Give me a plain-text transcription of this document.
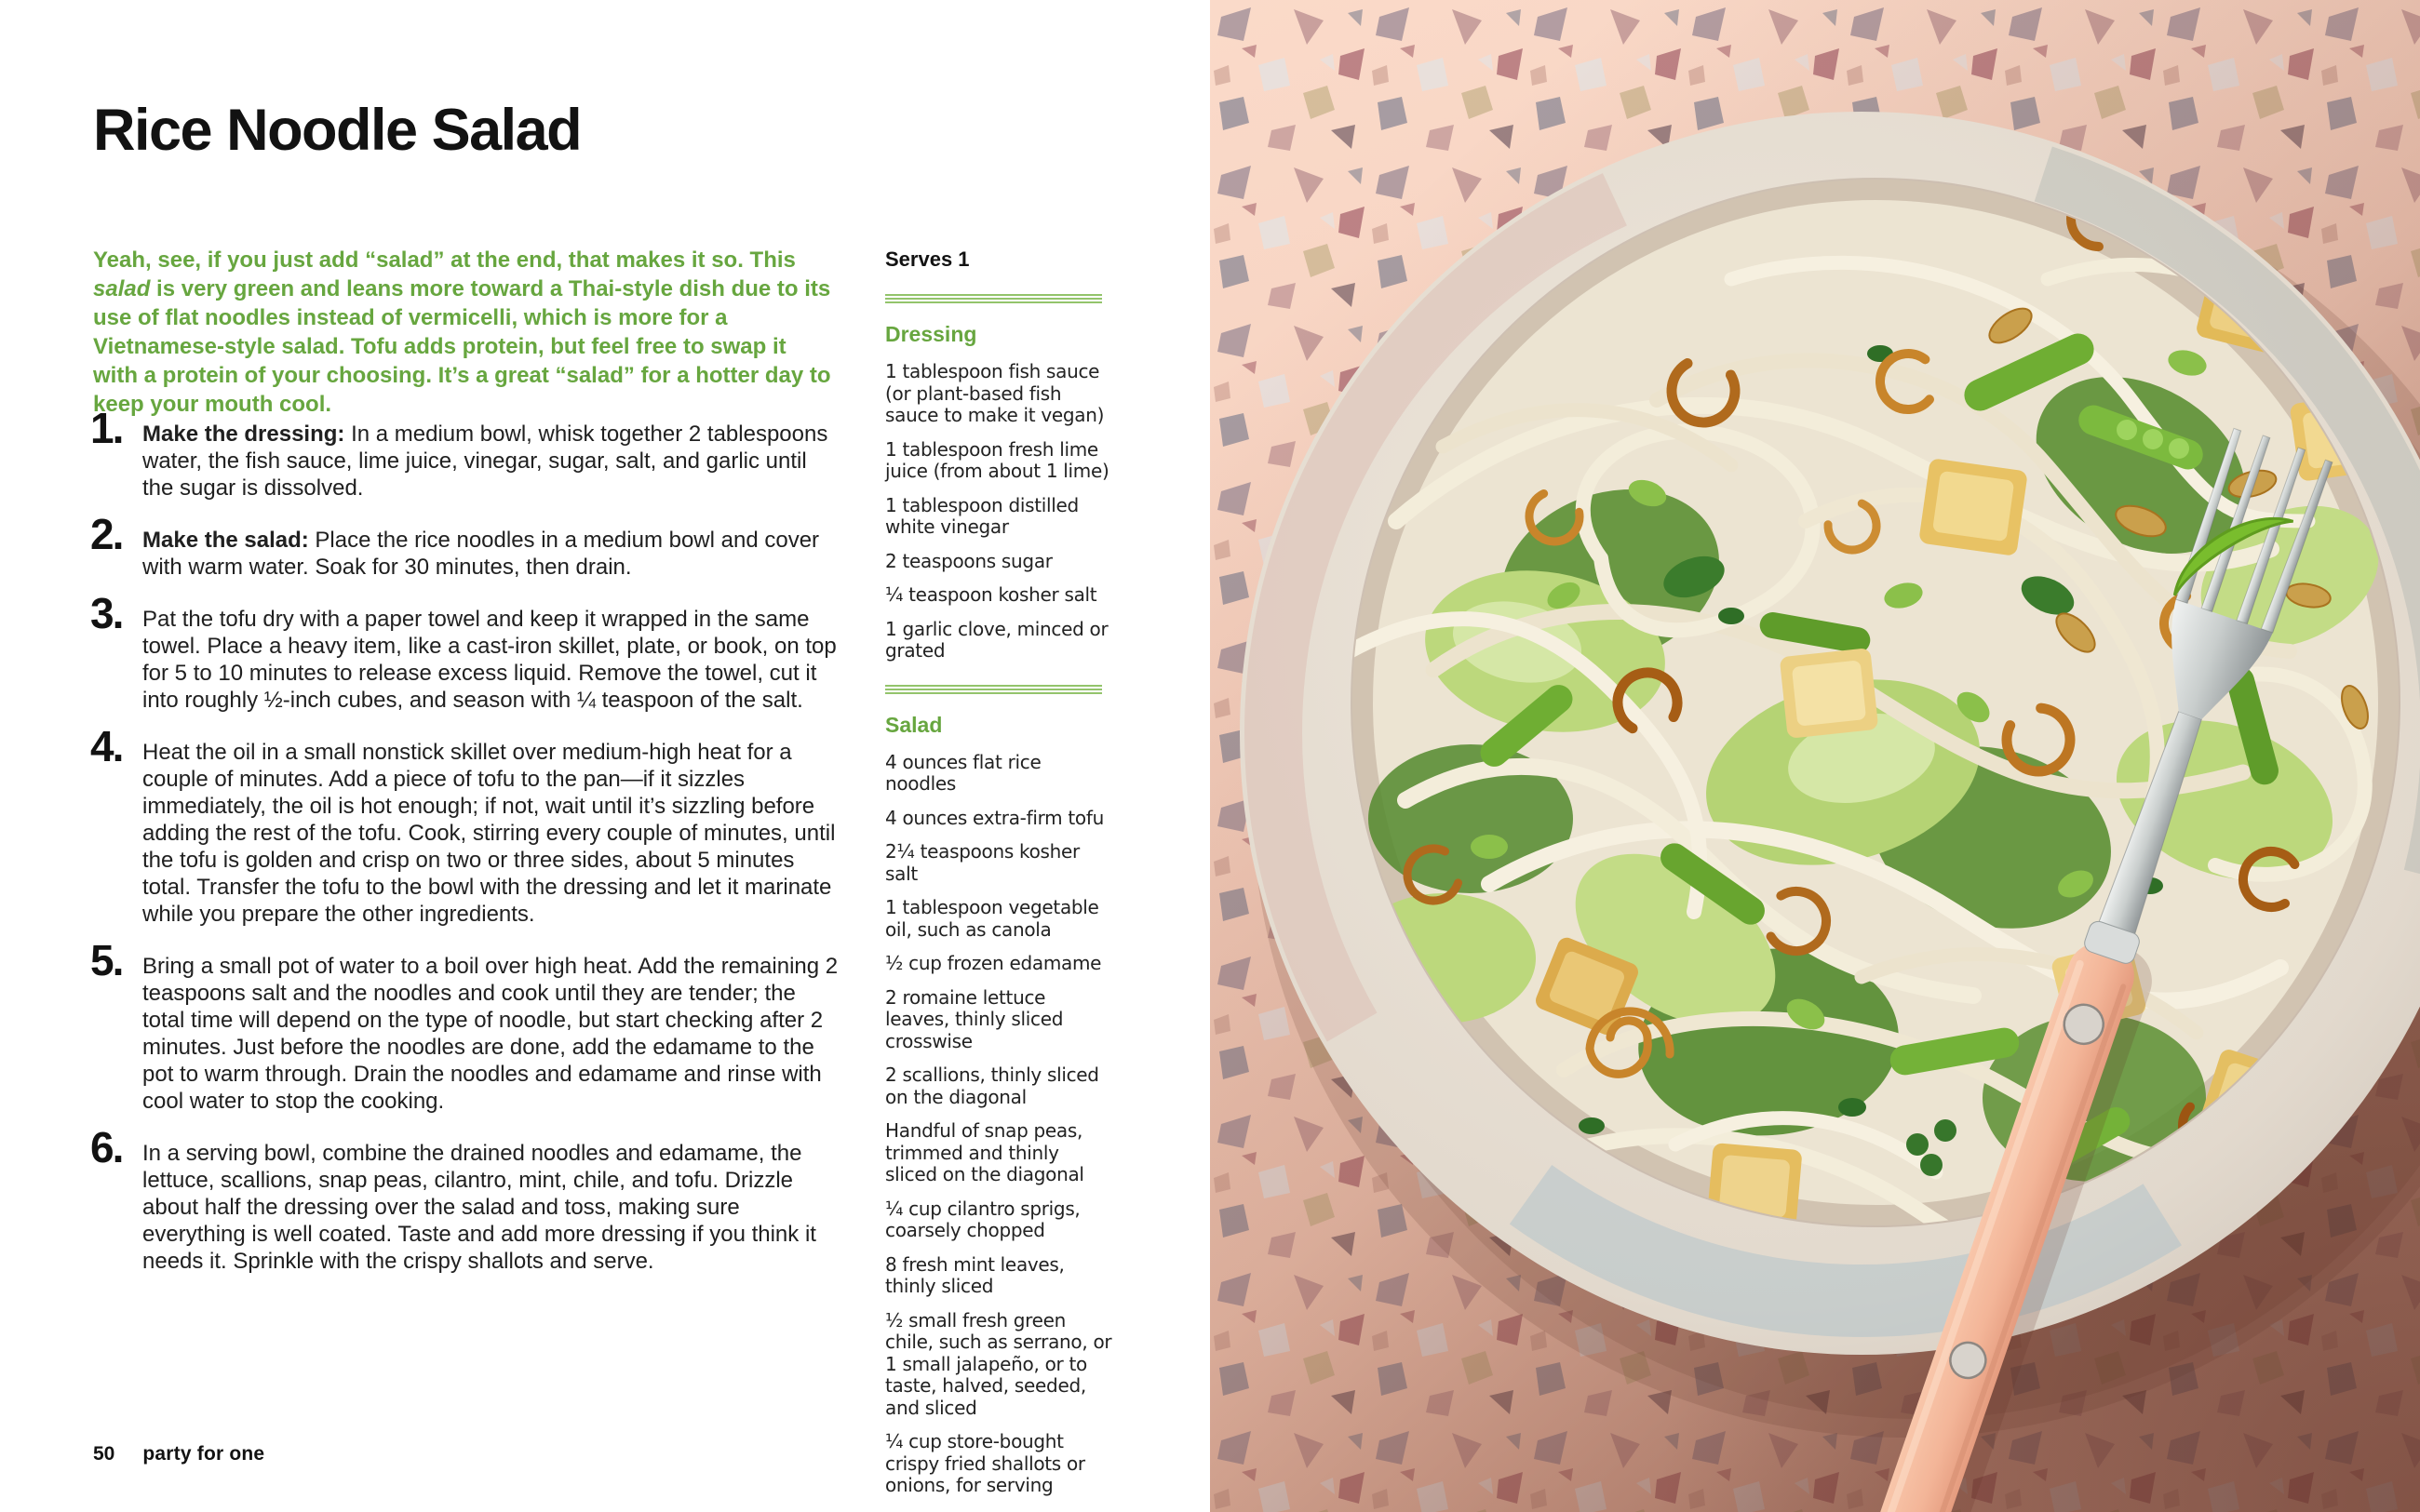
Rice Noodle Salad

Yeah, see, if you just add “salad” at the end, that makes it so. This salad is very green and leans more toward a Thai-style dish due to its use of flat noodles instead of vermicelli, which is more for a Vietnamese-style salad. Tofu adds protein, but feel free to swap it with a protein of your choosing. It’s a great “salad” for a hotter day to keep your mouth cool.

1. Make the dressing: In a medium bowl, whisk together 2 tablespoons water, the fish sauce, lime juice, vinegar, sugar, salt, and garlic until the sugar is dissolved.
2. Make the salad: Place the rice noodles in a medium bowl and cover with warm water. Soak for 30 minutes, then drain.
3. Pat the tofu dry with a paper towel and keep it wrapped in the same towel. Place a heavy item, like a cast-iron skillet, plate, or book, on top for 5 to 10 minutes to release excess liquid. Remove the towel, cut it into roughly ½-inch cubes, and season with ¼ teaspoon of the salt.
4. Heat the oil in a small nonstick skillet over medium-high heat for a couple of minutes. Add a piece of tofu to the pan—if it sizzles immediately, the oil is hot enough; if not, wait until it’s sizzling before adding the rest of the tofu. Cook, stirring every couple of minutes, until the tofu is golden and crisp on two or three sides, about 5 minutes total. Transfer the tofu to the bowl with the dressing and let it marinate while you prepare the other ingredients.
5. Bring a small pot of water to a boil over high heat. Add the remaining 2 teaspoons salt and the noodles and cook until they are tender; the total time will depend on the type of noodle, but start checking after 2 minutes. Just before the noodles are done, add the edamame to the pot to warm through. Drain the noodles and edamame and rinse with cool water to stop the cooking.
6. In a serving bowl, combine the drained noodles and edamame, the lettuce, scallions, snap peas, cilantro, mint, chile, and tofu. Drizzle about half the dressing over the salad and toss, making sure everything is well coated. Taste and add more dressing if you think it needs it. Sprinkle with the crispy shallots and serve.

Serves 1

Dressing

1 tablespoon fish sauce (or plant-based fish sauce to make it vegan)

1 tablespoon fresh lime juice (from about 1 lime)

1 tablespoon distilled white vinegar

2 teaspoons sugar

¼ teaspoon kosher salt

1 garlic clove, minced or grated

Salad

4 ounces flat rice noodles

4 ounces extra-firm tofu

2¼ teaspoons kosher salt

1 tablespoon vegetable oil, such as canola

½ cup frozen edamame

2 romaine lettuce leaves, thinly sliced crosswise

2 scallions, thinly sliced on the diagonal

Handful of snap peas, trimmed and thinly sliced on the diagonal

¼ cup cilantro sprigs, coarsely chopped

8 fresh mint leaves, thinly sliced

½ small fresh green chile, such as serrano, or 1 small jalapeño, or to taste, halved, seeded, and sliced

¼ cup store-bought crispy fried shallots or onions, for serving

50 party for one
